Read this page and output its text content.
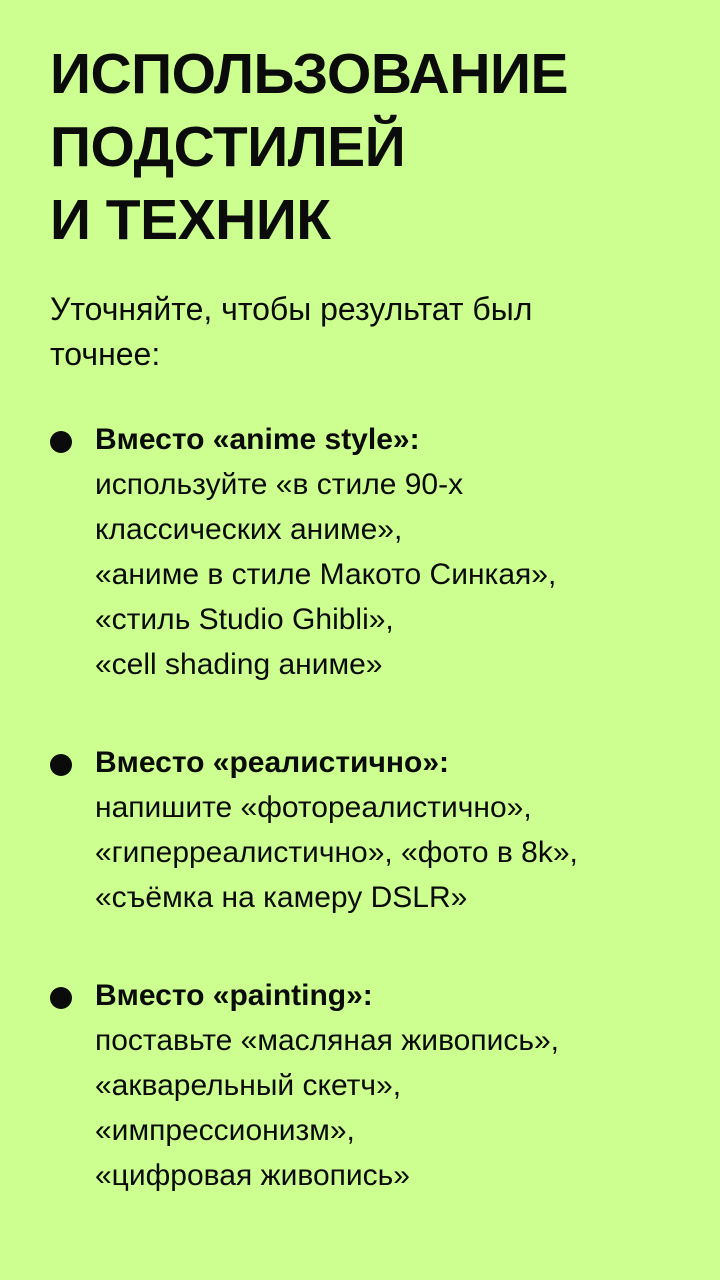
ИСПОЛЬЗОВАНИЕ
ПОДСТИЛЕЙ
И ТЕХНИК

Уточняйте, чтобы результат был
точнее:

Вместо «anime style»:
используйте «в стиле 90-х
классических аниме»,
«аниме в стиле Макото Синкая»,
«стиль Studio Ghibli»,
«cell shading аниме»
Вместо «реалистично»:
напишите «фотореалистично»,
«гиперреалистично», «фото в 8k»,
«съёмка на камеру DSLR»
Вместо «painting»:
поставьте «масляная живопись»,
«акварельный скетч»,
«импрессионизм»,
«цифровая живопись»
